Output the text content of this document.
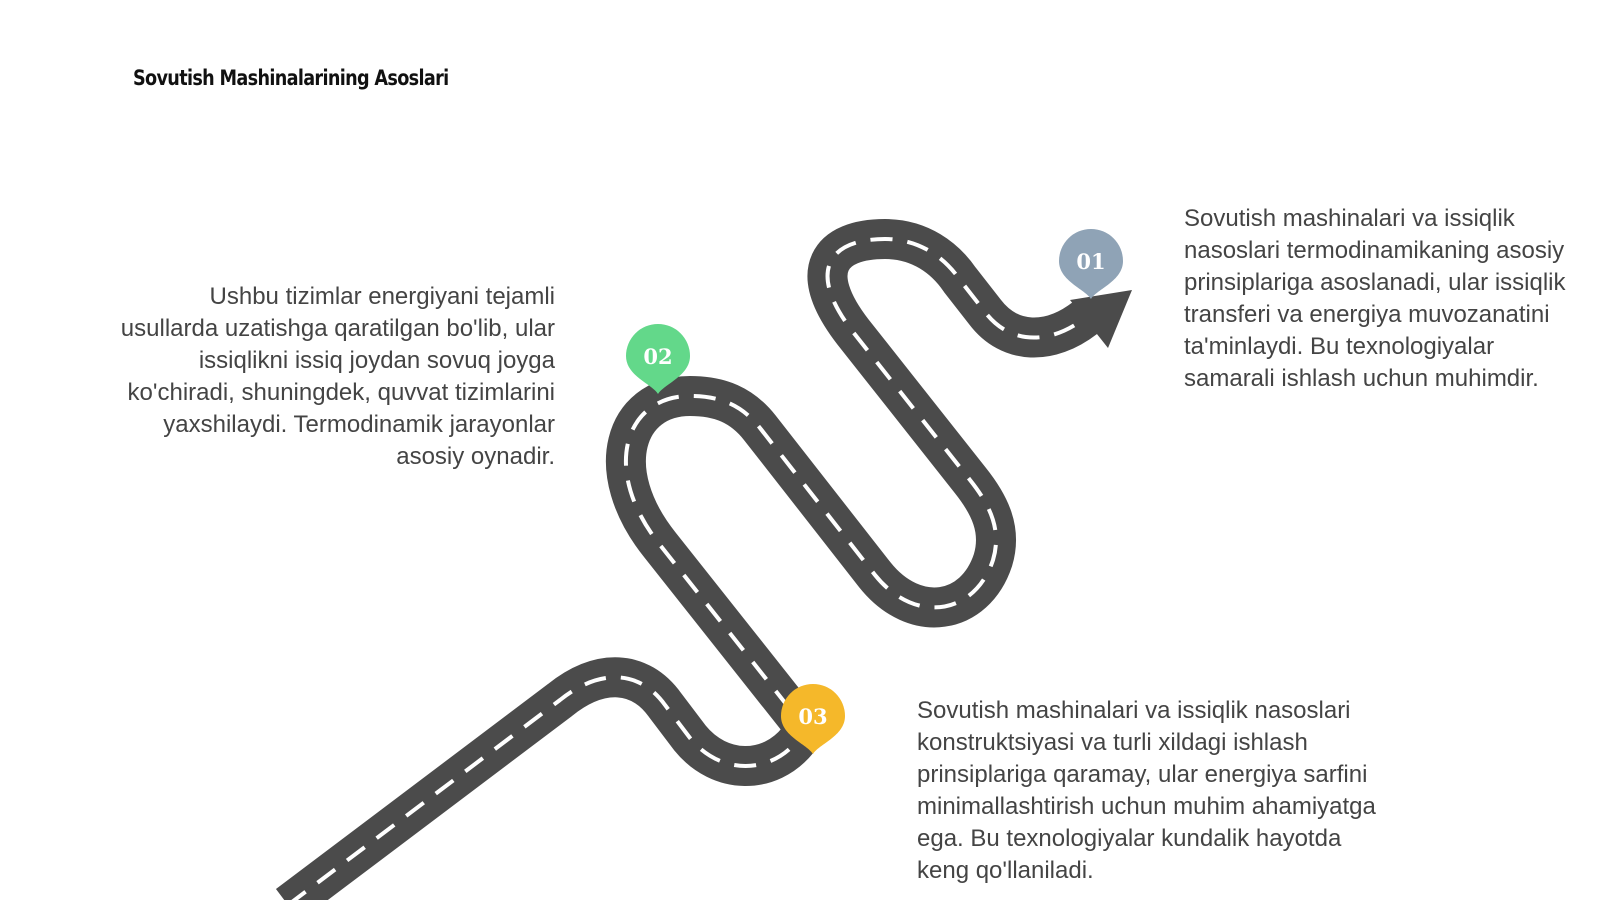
Sovutish Mashinalarining Asoslari
01
02
03

Sovutish mashinalari va issiqlik nasoslari termodinamikaning asosiy prinsiplariga asoslanadi, ular issiqlik transferi va energiya muvozanatini ta'minlaydi. Bu texnologiyalar samarali ishlash uchun muhimdir.

Ushbu tizimlar energiyani tejamli usullarda uzatishga qaratilgan bo'lib, ular issiqlikni issiq joydan sovuq joyga ko'chiradi, shuningdek, quvvat tizimlarini yaxshilaydi. Termodinamik jarayonlar asosiy oynadir.

Sovutish mashinalari va issiqlik nasoslari konstruktsiyasi va turli xildagi ishlash prinsiplariga qaramay, ular energiya sarfini minimallashtirish uchun muhim ahamiyatga ega. Bu texnologiyalar kundalik hayotda keng qo'llaniladi.
